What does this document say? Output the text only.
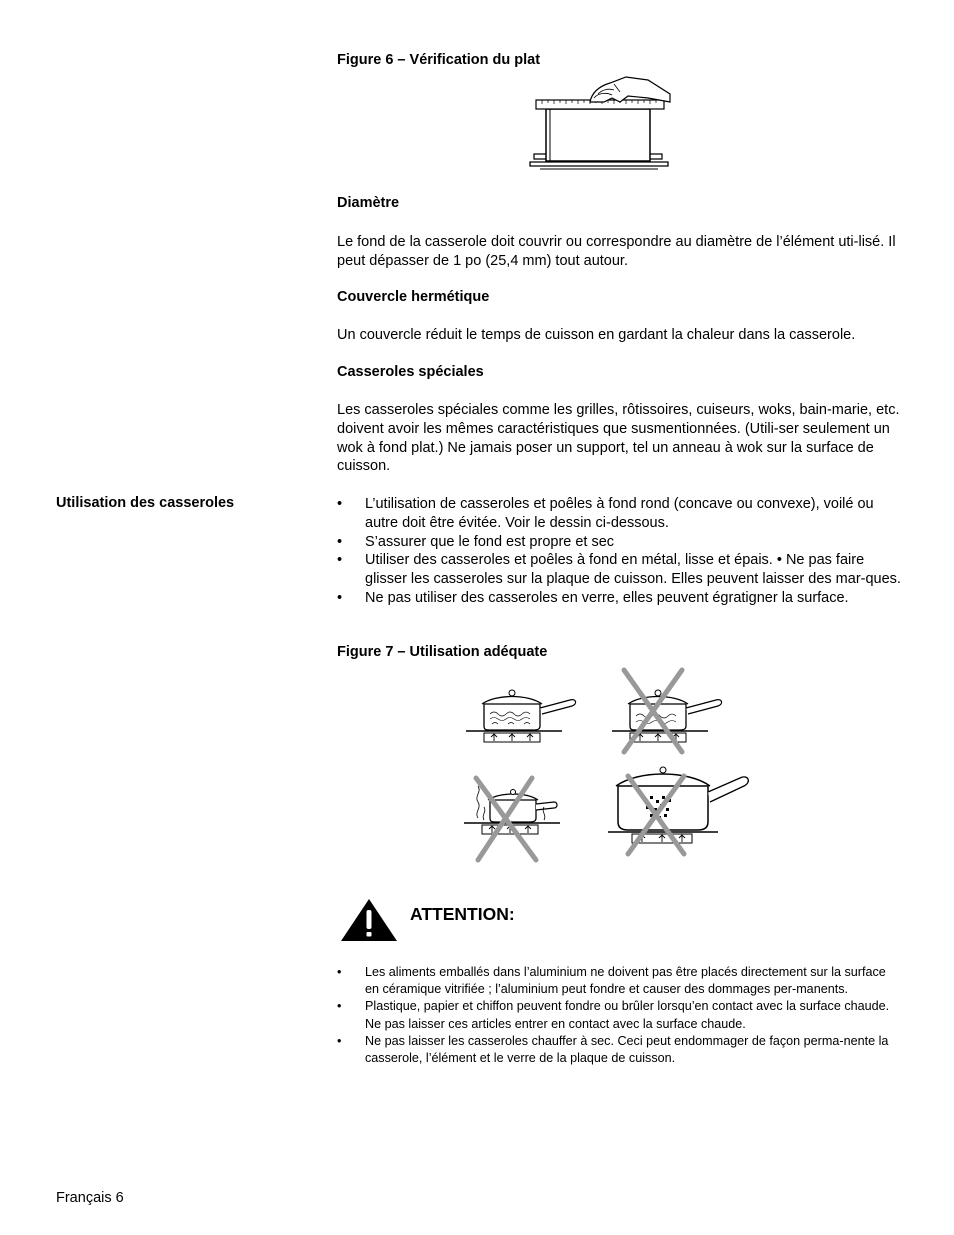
Figure 6 – Vérification du plat
Diamètre
Le fond de la casserole doit couvrir ou correspondre au diamètre de l’élément uti-lisé. Il peut dépasser de 1 po (25,4 mm) tout autour.
Couvercle hermétique
Un couvercle réduit le temps de cuisson en gardant la chaleur dans la casserole.
Casseroles spéciales
Les casseroles spéciales comme les grilles, rôtissoires, cuiseurs, woks, bain-marie, etc. doivent avoir les mêmes caractéristiques que susmentionnées. (Utili-ser seulement un wok à fond plat.) Ne jamais poser un support, tel un anneau à wok sur la surface de cuisson.
Utilisation des casseroles	• L’utilisation de casseroles et poêles à fond rond (concave ou convexe), voilé ou autre doit être évitée. Voir le dessin ci-dessous.
• S’assurer que le fond est propre et sec
• Utiliser des casseroles et poêles à fond en métal, lisse et épais. • Ne pas faire glisser les casseroles sur la plaque de cuisson. Elles peuvent laisser des mar-ques.
• Ne pas utiliser des casseroles en verre, elles peuvent égratigner la surface.
Figure 7 – Utilisation adéquate
ATTENTION:
• Les aliments emballés dans l’aluminium ne doivent pas être placés directement sur la surface en céramique vitrifiée ; l’aluminium peut fondre et causer des dommages per-manents.
• Plastique, papier et chiffon peuvent fondre ou brûler lorsqu’en contact avec la surface chaude. Ne pas laisser ces articles entrer en contact avec la surface chaude.
• Ne pas laisser les casseroles chauffer à sec. Ceci peut endommager de façon perma-nente la casserole, l’élément et le verre de la plaque de cuisson.
Français 6
